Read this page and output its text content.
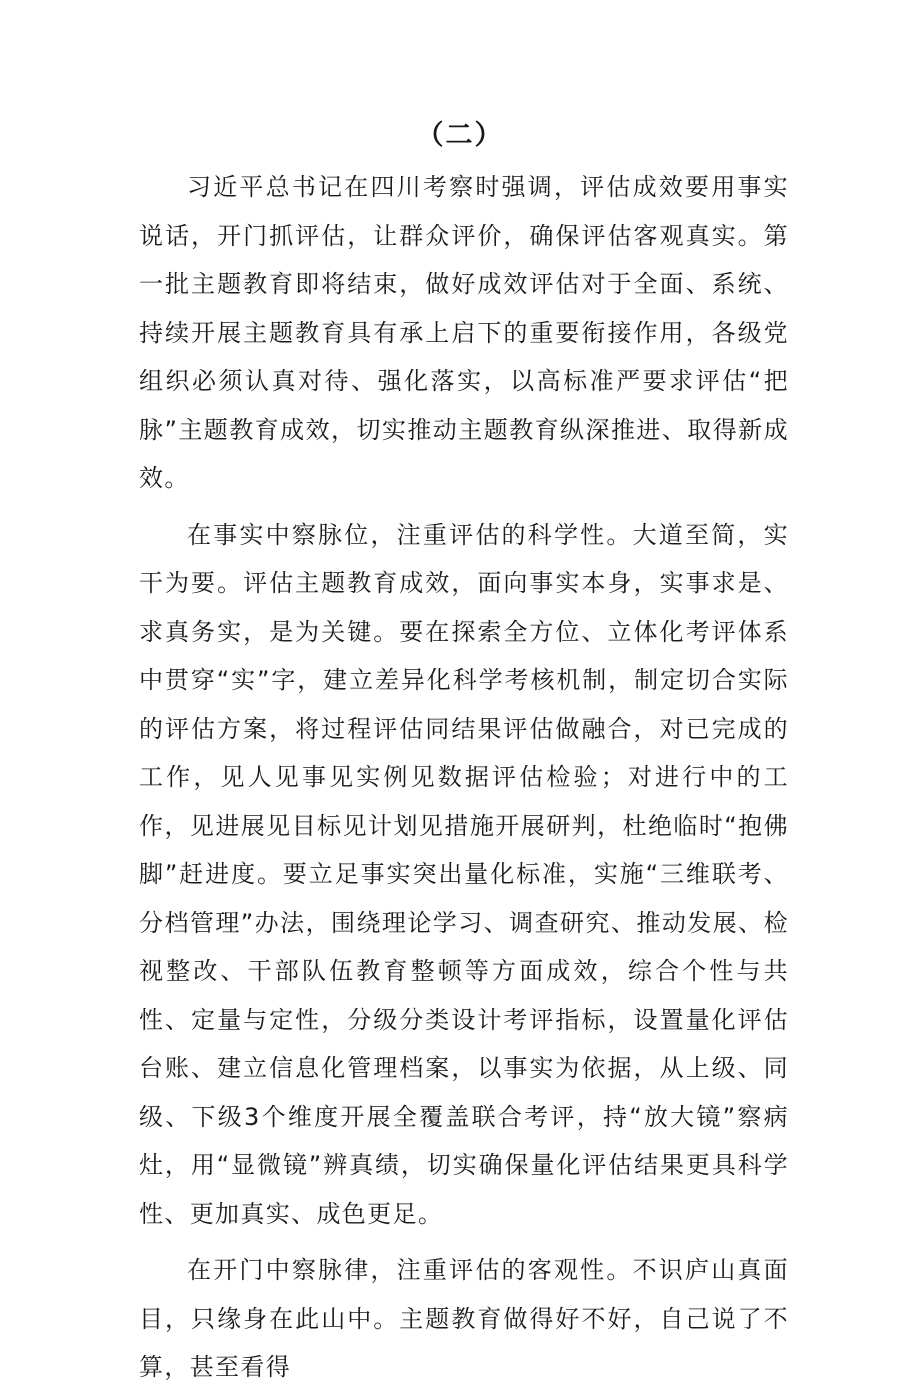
（二）

习近平总书记在四川考察时强调，评估成效要用事实说话，开门抓评估，让群众评价，确保评估客观真实。第一批主题教育即将结束，做好成效评估对于全面、系统、持续开展主题教育具有承上启下的重要衔接作用，各级党组织必须认真对待、强化落实，以高标准严要求评估“把脉”主题教育成效，切实推动主题教育纵深推进、取得新成效。

在事实中察脉位，注重评估的科学性。大道至简，实干为要。评估主题教育成效，面向事实本身，实事求是、求真务实，是为关键。要在探索全方位、立体化考评体系中贯穿“实”字，建立差异化科学考核机制，制定切合实际的评估方案，将过程评估同结果评估做融合，对已完成的工作，见人见事见实例见数据评估检验；对进行中的工作，见进展见目标见计划见措施开展研判，杜绝临时“抱佛脚”赶进度。要立足事实突出量化标准，实施“三维联考、分档管理”办法，围绕理论学习、调查研究、推动发展、检视整改、干部队伍教育整顿等方面成效，综合个性与共性、定量与定性，分级分类设计考评指标，设置量化评估台账、建立信息化管理档案，以事实为依据，从上级、同级、下级3个维度开展全覆盖联合考评，持“放大镜”察病灶，用“显微镜”辨真绩，切实确保量化评估结果更具科学性、更加真实、成色更足。

在开门中察脉律，注重评估的客观性。不识庐山真面目，只缘身在此山中。主题教育做得好不好，自己说了不算，甚至看得
